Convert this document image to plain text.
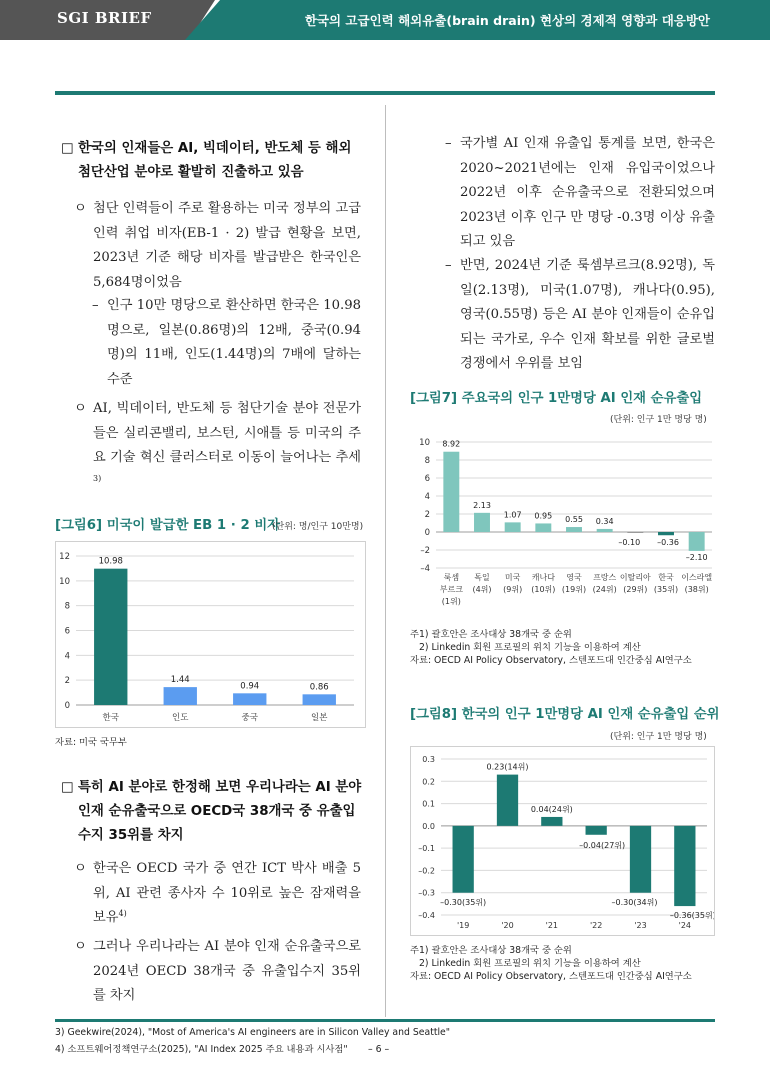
SGI BRIEF	한국의 고급인력 해외유출(brain drain) 현상의 경제적 영향과 대응방안
□ 한국의 인재들은 AI, 빅데이터, 반도체 등 해외 첨단산업 분야로 활발히 진출하고 있음
ㅇ 첨단 인력들이 주로 활용하는 미국 정부의 고급인력 취업 비자(EB-1 · 2) 발급 현황을 보면, 2023년 기준 해당 비자를 발급받은 한국인은 5,684명이었음
– 인구 10만 명당으로 환산하면 한국은 10.98명으로, 일본(0.86명)의 12배, 중국(0.94명)의 11배, 인도(1.44명)의 7배에 달하는 수준
ㅇ AI, 빅데이터, 반도체 등 첨단기술 분야 전문가들은 실리콘밸리, 보스턴, 시애틀 등 미국의 주요 기술 혁신 클러스터로 이동이 늘어나는 추세$^{3)}$
[그림6] 미국이 발급한 EB 1 · 2 비자
(단위: 명/인구 10만명)
0
2
4
6
8
10
12	10.98
한국
1.44
인도
0.94
중국
0.86
일본
자료: 미국 국무부
□ 특히 AI 분야로 한정해 보면 우리나라는 AI 분야 인재 순유출국으로 OECD국 38개국 중 유출입수지 35위를 차지
ㅇ 한국은 OECD 국가 중 연간 ICT 박사 배출 5위, AI 관련 종사자 수 10위로 높은 잠재력을 보유$^{4)}$
ㅇ 그러나 우리나라는 AI 분야 인재 순유출국으로 2024년 OECD 38개국 중 유출입수지 35위를 차지
– 국가별 AI 인재 유출입 통계를 보면, 한국은 2020~2021년에는 인재 유입국이었으나 2022년 이후 순유출국으로 전환되었으며 2023년 이후 인구 만 명당 -0.3명 이상 유출되고 있음
– 반면, 2024년 기준 룩셈부르크(8.92명), 독일(2.13명), 미국(1.07명), 캐나다(0.95), 영국(0.55명) 등은 AI 분야 인재들이 순유입되는 국가로, 우수 인재 확보를 위한 글로벌 경쟁에서 우위를 보임
[그림7] 주요국의 인구 1만명당 AI 인재 순유출입
(단위: 인구 1만 명당 명)
–4
–2
0
2
4
6
8
10 8.92
룩셈
부르크
(1위)
2.13
독일
(4위)
1.07
미국
(9위)
0.95
캐나다
(10위)
0.55
영국
(19위)
0.34
프랑스
(24위)
–0.10
이탈리아
(29위)
–0.36
한국
(35위)
–2.10
이스라엘
(38위)
주1) 괄호안은 조사대상 38개국 중 순위
2) Linkedin 회원 프로필의 위치 기능을 이용하여 계산
자료: OECD AI Policy Observatory, 스텐포드대 인간중심 AI연구소
[그림8] 한국의 인구 1만명당 AI 인재 순유출입 순위
(단위: 인구 1만 명당 명)
–0.4
–0.3
–0.2
–0.1
0.0
0.1
0.2
0.3
–0.30(35위)
'19
0.23(14위)
'20
0.04(24위)
'21
–0.04(27위)
'22
–0.30(34위)
'23
–0.36(35위)
'24
주1) 괄호안은 조사대상 38개국 중 순위
2) Linkedin 회원 프로필의 위치 기능을 이용하여 계산
자료: OECD AI Policy Observatory, 스텐포드대 인간중심 AI연구소
3) Geekwire(2024), "Most of America's AI engineers are in Silicon Valley and Seattle"
4) 소프트웨어정책연구소(2025), "AI Index 2025 주요 내용과 시사점" – 6 –
